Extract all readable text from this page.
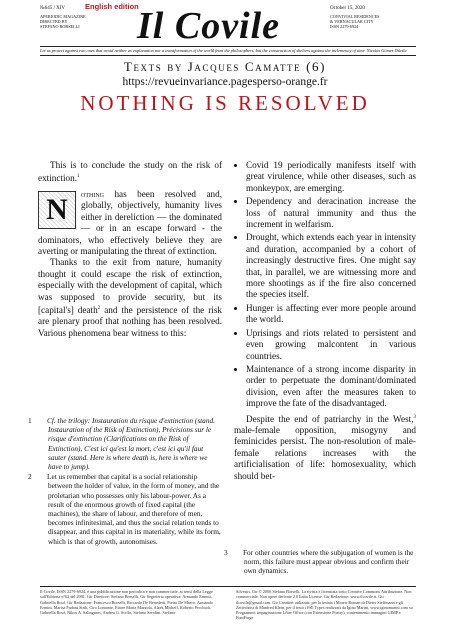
№645 / XIV	English edition
APERIODIC MAGAZINE
DIRECTED BY
STEFANO BORSELLI	Il Covile	October 15, 2020
CONVIVIAL RESIDENCES
& VERNACULAR CITY
ISSN 2279-6924
Let us protect against two ones that avoid neither as explanation nor a transformation of the world from the philosophers, but the construction of shelters against the inclemency of time. Nicolás Gómez Dávila
Texts by Jacques Camatte (6)
https://revueinvariance.pagesperso-orange.fr
NOTHING IS RESOLVED
This is to conclude the study on the risk of extinction.$^1$
N	othing has been resolved and, globally, objectively, humanity lives either in dereliction — the dominated — or in an escape forward - the dominators, who effectively believe they are averting or manipulating the threat of extinction.
Thanks to the exit from nature, humanity thought it could escape the risk of extinction, especially with the development of capital, which was supposed to provide security, but its [capital's] death$^2$ and the persistence of the risk are plenary proof that nothing has been resolved. Various phenomena bear witness to this:
1 Cf. the trilogy: Instauration du risque d'extinction (stand. Instauration of the Risk of Extinction), Précisions sur le risque d'extinction (Clarifications on the Risk of Extinction), C'est ici qu'est la mort, c'est ici qu'il faut sauter (stand. Here is where death is, here is where we have to jump).
2 Let us remember that capital is a social relationship between the holder of value, in the form of money, and the proletarian who possesses only his labour-power. As a result of the enormous growth of fixed capital (the machines), the share of labour, and therefore of men, becomes infinitesimal, and thus the social relation tends to disappear, and thus capital in its materiality, while its form, which is that of growth, autonomises.
• Covid 19 periodically manifests itself with great virulence, while other diseases, such as monkeypox, are emerging.
• Dependency and deracination increase the loss of natural immunity and thus the increment in welfarism.
• Drought, which extends each year in intensity and duration, accompanied by a cohort of increasingly destructive fires. One might say that, in parallel, we are witnessing more and more shootings as if the fire also concerned the species itself.
• Hunger is affecting ever more people around the world.
• Uprisings and riots related to persistent and even growing malcontent in various countries.
• Maintenance of a strong income disparity in order to perpetuate the dominant/dominated division, even after the measures taken to improve the fate of the disadvantaged.
Despite the end of patriarchy in the West,$^3$ male-female opposition, misogyny and feminicides persist. The non-resolution of male-female relations increases with the artificialisation of life: homosexuality, which should bet-
3 For other countries where the subjugation of women is the norm, this failure must appear obvious and confirm their own dynamics.
Il Covile, ISSN 2279-6924, è una pubblicazione non periodica e non commerciale, ai sensi della Legge sull'Editoria n°62 del 2001. Gir Direttore: Stefano Borselli. Gir Segreteria operativa: Armando Ermini, Gabriella Rouf. Gir Redazione: Francesco Borselli, Riccardo De Benedetti, Pietro De Marco, Armando Ermini, Marisa Fadoni Strik, Ciro Lomonte, Ettore Maria Mazzola, Alzek Misheff, Roberto Pecchioli, Gabriella Rouf, Nikos A. Salingaros, Andrea G. Sciffo, Stefano Serafini, Stefano
Silvestri. Gir © 2006 Stefano Borselli. La rivista è licenziata sotto Creative Commons Attribuzione. Non commerciale. Non opere derivate 2.0 Italia License. Gir Redazione: www.ilcovile.it. Gir ilcovile@gmail.com. Gir Caratteri utilizzati: per la testata i Morris Roman di Dieter Steffmann e gli Zeitechrist di Manfred Klein, per il testo i Fell Types realizzati da Igino Marini, www.iginomarini.com su Programmi: impaginazione Libre Office (con Estensione Poetry), contenimento immagini GIMP e FontForge
